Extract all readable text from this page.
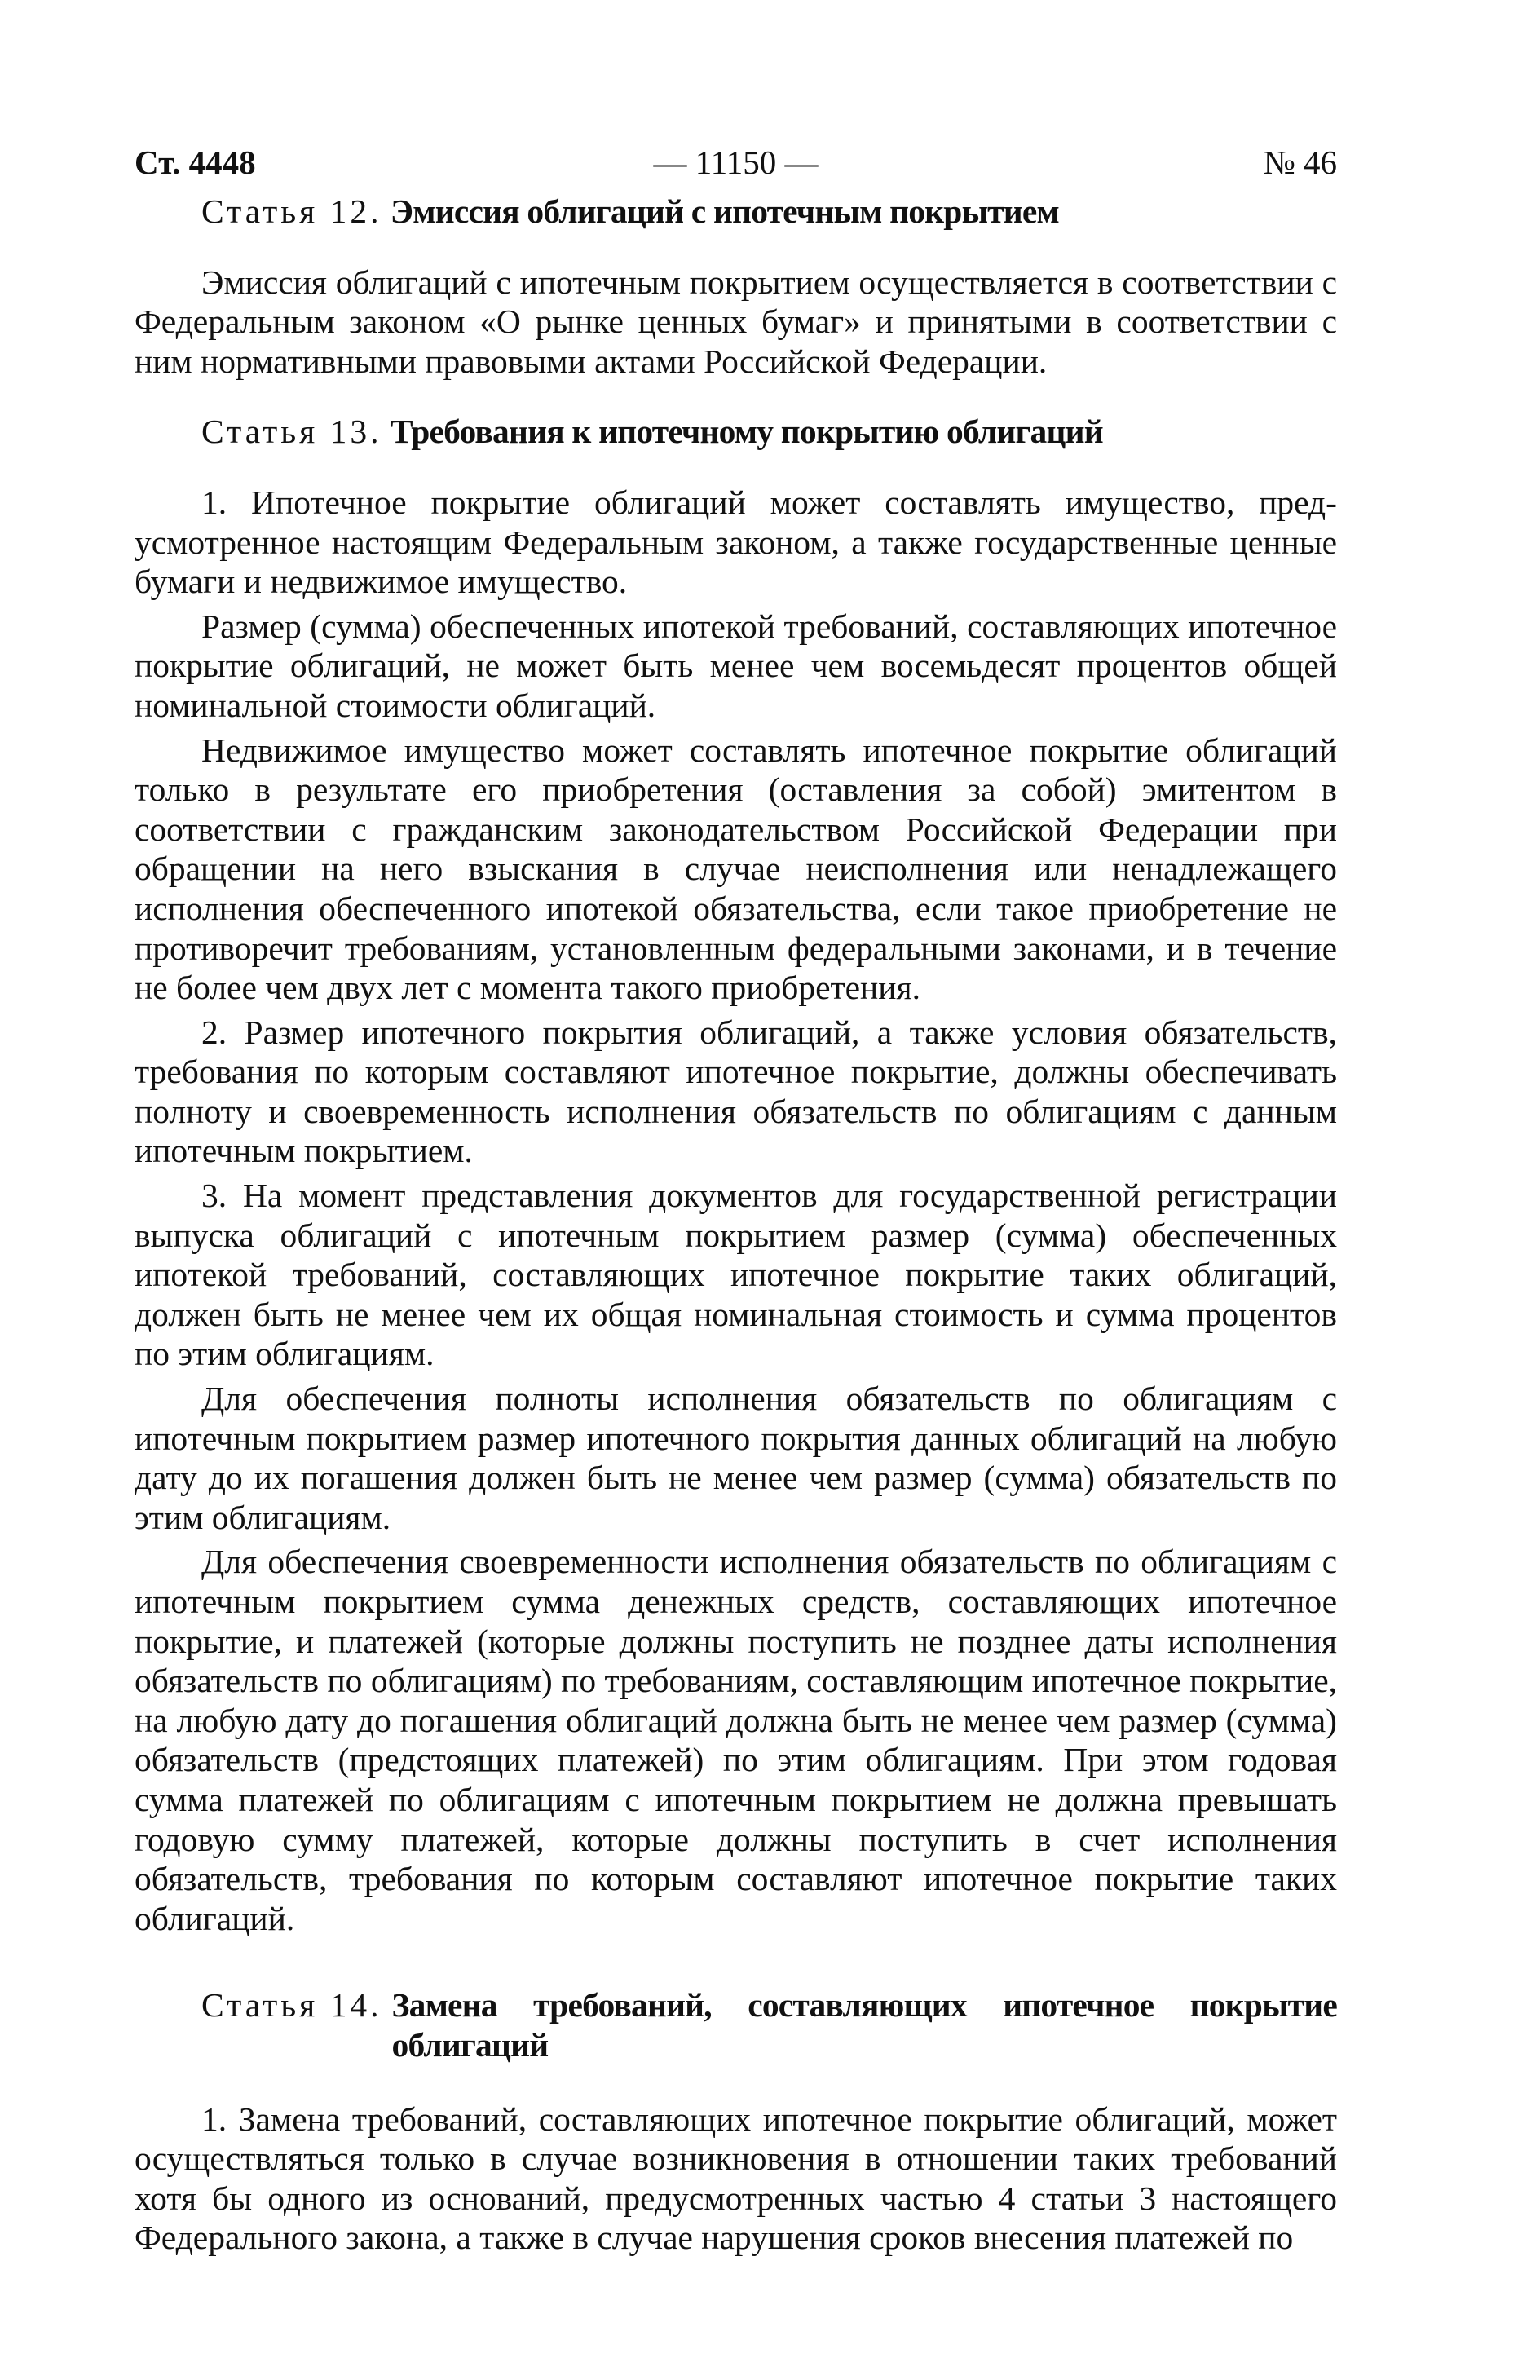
Ст. 4448	— 11150 —	№ 46
Статья 12. Эмиссия облигаций с ипотечным покрытием

Эмиссия облигаций с ипотечным покрытием осуществляется в соответствии с Федеральным законом «О рынке ценных бумаг» и принятыми в соответствии с ним нормативными правовыми актами Российской Федерации.

Статья 13. Требования к ипотечному покрытию облигаций

1. Ипотечное покрытие облигаций может составлять имущество, предусмотренное настоящим Федеральным законом, а также государственные ценные бумаги и недвижимое имущество.

Размер (сумма) обеспеченных ипотекой требований, составляющих ипотечное покрытие облигаций, не может быть менее чем восемьдесят процентов общей номинальной стоимости облигаций.

Недвижимое имущество может составлять ипотечное покрытие облигаций только в результате его приобретения (оставления за собой) эмитентом в соответствии с гражданским законодательством Российской Федерации при обращении на него взыскания в случае неисполнения или ненадлежащего исполнения обеспеченного ипотекой обязательства, если такое приобретение не противоречит требованиям, установленным федеральными законами, и в течение не более чем двух лет с момента такого приобретения.

2. Размер ипотечного покрытия облигаций, а также условия обязательств, требования по которым составляют ипотечное покрытие, должны обеспечивать полноту и своевременность исполнения обязательств по облигациям с данным ипотечным покрытием.

3. На момент представления документов для государственной регистрации выпуска облигаций с ипотечным покрытием размер (сумма) обеспеченных ипотекой требований, составляющих ипотечное покрытие таких облигаций, должен быть не менее чем их общая номинальная стоимость и сумма процентов по этим облигациям.

Для обеспечения полноты исполнения обязательств по облигациям с ипотечным покрытием размер ипотечного покрытия данных облигаций на любую дату до их погашения должен быть не менее чем размер (сумма) обязательств по этим облигациям.

Для обеспечения своевременности исполнения обязательств по облигациям с ипотечным покрытием сумма денежных средств, составляющих ипотечное покрытие, и платежей (которые должны поступить не позднее даты исполнения обязательств по облигациям) по требованиям, составляющим ипотечное покрытие, на любую дату до погашения облигаций должна быть не менее чем размер (сумма) обязательств (предстоящих платежей) по этим облигациям. При этом годовая сумма платежей по облигациям с ипотечным покрытием не должна превышать годовую сумму платежей, которые должны поступить в счет исполнения обязательств, требования по которым составляют ипотечное покрытие таких облигаций.

Статья 14. Замена требований, составляющих ипотечное покрытие
облигаций

1. Замена требований, составляющих ипотечное покрытие облигаций, может осуществляться только в случае возникновения в отношении таких требований хотя бы одного из оснований, предусмотренных частью 4 статьи 3 настоящего Федерального закона, а также в случае нарушения сроков внесения платежей по
